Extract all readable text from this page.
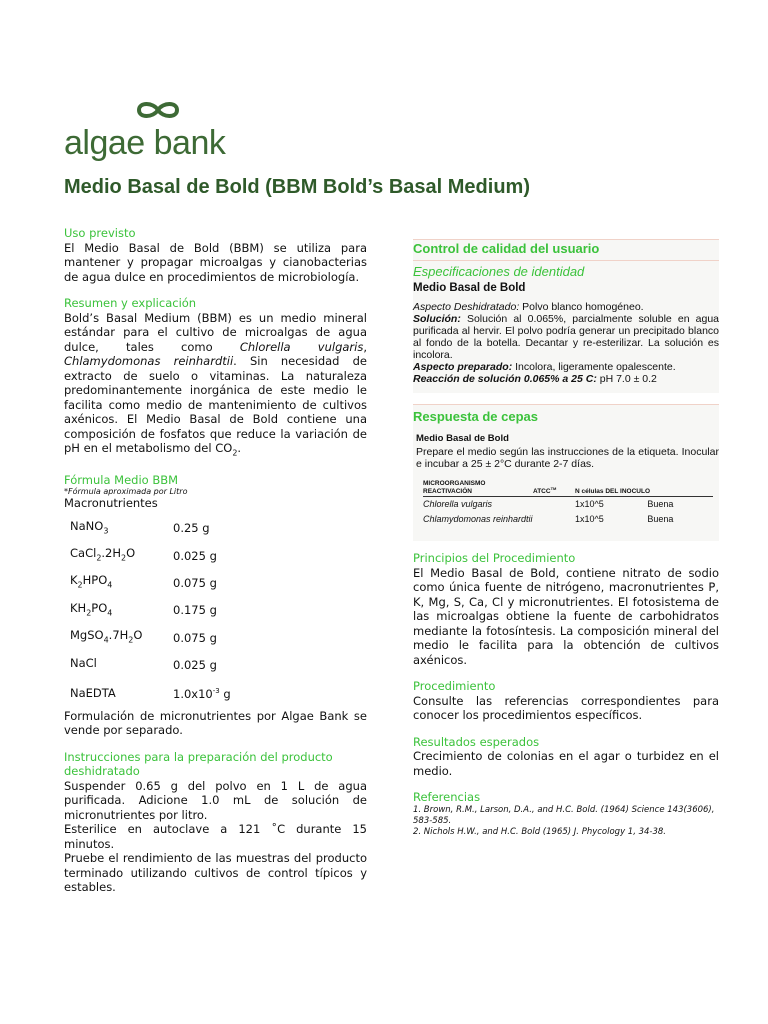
algae bank
Medio Basal de Bold (BBM Bold’s Basal Medium)
Uso previsto
El Medio Basal de Bold (BBM) se utiliza para mantener y propagar microalgas y cianobacterias de agua dulce en procedimientos de microbiología.
Resumen y explicación
Bold’s Basal Medium (BBM) es un medio mineral estándar para el cultivo de microalgas de agua dulce, tales como Chlorella vulgaris, Chlamydomonas reinhardtii. Sin necesidad de extracto de suelo o vitaminas. La naturaleza predominantemente inorgánica de este medio le facilita como medio de mantenimiento de cultivos axénicos. El Medio Basal de Bold contiene una composición de fosfatos que reduce la variación de pH en el metabolismo del $CO_2$.
Fórmula Medio BBM
*Fórmula aproximada por Litro
Macronutrientes
NaNO$_3$	0.25 g
$CaCl_2.2H_2O$	0.025 g
$K_2HPO_4$	0.075 g
$KH_2PO_4$	0.175 g
$MgSO_4.7H_2O$	0.075 g
NaCl	0.025 g
NaEDTA	$1.0x10^{-3}$ g
Formulación de micronutrientes por Algae Bank se vende por separado.
Instrucciones para la preparación del producto deshidratado
Suspender 0.65 g del polvo en 1 L de agua purificada. Adicione 1.0 mL de solución de micronutrientes por litro.
Esterilice en autoclave a 121 ˚C durante 15 minutos.
Pruebe el rendimiento de las muestras del producto terminado utilizando cultivos de control típicos y estables.
Control de calidad del usuario
Especificaciones de identidad
Medio Basal de Bold
Aspecto Deshidratado: Polvo blanco homogéneo.
Solución: Solución al 0.065%, parcialmente soluble en agua purificada al hervir. El polvo podría generar un precipitado blanco al fondo de la botella. Decantar y re-esterilizar. La solución es incolora.
Aspecto preparado: Incolora, ligeramente opalescente.
Reacción de solución 0.065% a 25 C: pH 7.0 ± 0.2
Respuesta de cepas
Medio Basal de Bold
Prepare el medio según las instrucciones de la etiqueta. Inocular e incubar a 25 ± 2°C durante 2-7 días.
MICROORGANISMO
REACTIVACIÓN	ATCC™	N células DEL INOCULO	
Chlorella vulgaris		1x10^5	Buena
Chlamydomonas reinhardtii		1x10^5	Buena
Principios del Procedimiento
El Medio Basal de Bold, contiene nitrato de sodio como única fuente de nitrógeno, macronutrientes P, K, Mg, S, Ca, Cl y micronutrientes. El fotosistema de las microalgas obtiene la fuente de carbohidratos mediante la fotosíntesis. La composición mineral del medio le facilita para la obtención de cultivos axénicos.
Procedimiento
Consulte las referencias correspondientes para conocer los procedimientos específicos.
Resultados esperados
Crecimiento de colonias en el agar o turbidez en el medio.
Referencias
1. Brown, R.M., Larson, D.A., and H.C. Bold. (1964) Science 143(3606), 583-585.
2. Nichols H.W., and H.C. Bold (1965) J. Phycology 1, 34-38.
